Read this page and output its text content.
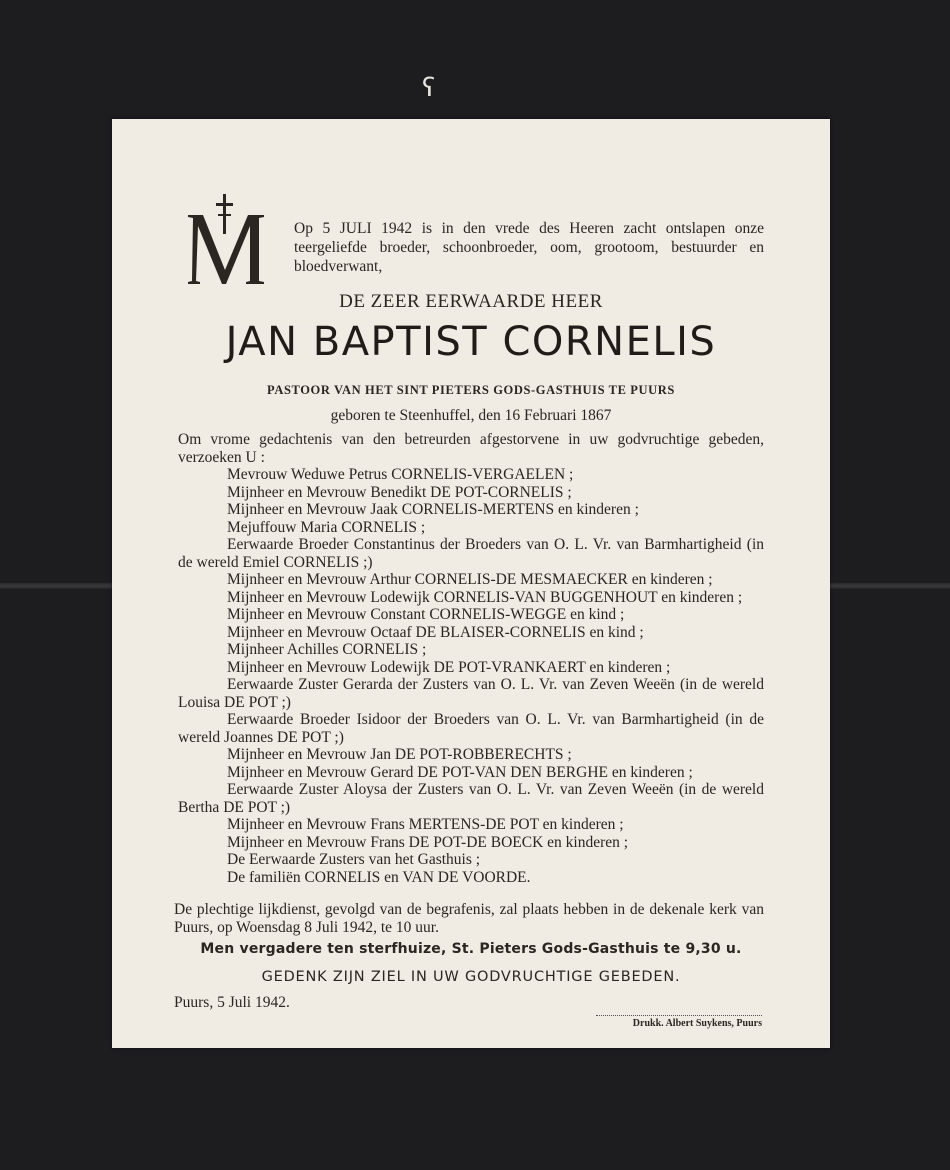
ʕ
Op 5 JULI 1942 is in den vrede des Heeren zacht ontslapen onze teergeliefde broeder, schoonbroeder, oom, grootoom, bestuurder en bloedverwant,
DE ZEER EERWAARDE HEER
JAN BAPTIST CORNELIS
PASTOOR VAN HET SINT PIETERS GODS-GASTHUIS TE PUURS
geboren te Steenhuffel, den 16 Februari 1867
Om vrome gedachtenis van den betreurden afgestorvene in uw godvruchtige gebeden, verzoeken U :
Mevrouw Weduwe Petrus CORNELIS-VERGAELEN ;
Mijnheer en Mevrouw Benedikt DE POT-CORNELIS ;
Mijnheer en Mevrouw Jaak CORNELIS-MERTENS en kinderen ;
Mejuffouw Maria CORNELIS ;
Eerwaarde Broeder Constantinus der Broeders van O. L. Vr. van Barmhartigheid (in de wereld Emiel CORNELIS ;)
Mijnheer en Mevrouw Arthur CORNELIS-DE MESMAECKER en kinderen ;
Mijnheer en Mevrouw Lodewijk CORNELIS-VAN BUGGENHOUT en kinderen ;
Mijnheer en Mevrouw Constant CORNELIS-WEGGE en kind ;
Mijnheer en Mevrouw Octaaf DE BLAISER-CORNELIS en kind ;
Mijnheer Achilles CORNELIS ;
Mijnheer en Mevrouw Lodewijk DE POT-VRANKAERT en kinderen ;
Eerwaarde Zuster Gerarda der Zusters van O. L. Vr. van Zeven Weeën (in de wereld Louisa DE POT ;)
Eerwaarde Broeder Isidoor der Broeders van O. L. Vr. van Barmhartigheid (in de wereld Joannes DE POT ;)
Mijnheer en Mevrouw Jan DE POT-ROBBERECHTS ;
Mijnheer en Mevrouw Gerard DE POT-VAN DEN BERGHE en kinderen ;
Eerwaarde Zuster Aloysa der Zusters van O. L. Vr. van Zeven Weeën (in de wereld Bertha DE POT ;)
Mijnheer en Mevrouw Frans MERTENS-DE POT en kinderen ;
Mijnheer en Mevrouw Frans DE POT-DE BOECK en kinderen ;
De Eerwaarde Zusters van het Gasthuis ;
De familiën CORNELIS en VAN DE VOORDE.
De plechtige lijkdienst, gevolgd van de begrafenis, zal plaats hebben in de dekenale kerk van Puurs, op Woensdag 8 Juli 1942, te 10 uur.
Men vergadere ten sterfhuize, St. Pieters Gods-Gasthuis te 9,30 u.
GEDENK ZIJN ZIEL IN UW GODVRUCHTIGE GEBEDEN.
Puurs, 5 Juli 1942.
Drukk. Albert Suykens, Puurs
